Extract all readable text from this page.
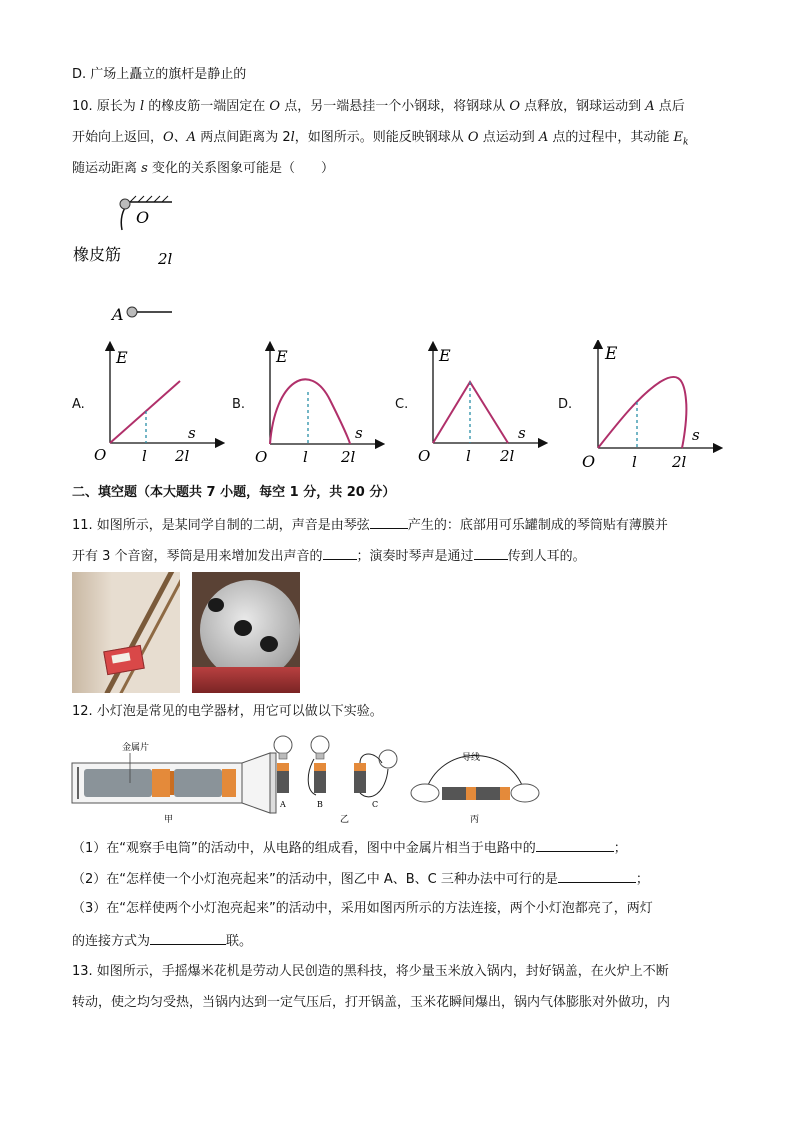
D. 广场上矗立的旗杆是静止的
10. 原长为 l 的橡皮筋一端固定在 O 点，另一端悬挂一个小钢球，将钢球从 O 点释放，钢球运动到 A 点后
开始向上返回，O、A 两点间距离为 2l，如图所示。则能反映钢球从 O 点运动到 A 点的过程中，其动能 $E_k$
随运动距离 s 变化的关系图象可能是（　　）
O
橡皮筋 2l
A
A.
E
s
O l 2l
B.
E
s
O l 2l
C.
E
s
O l 2l
D.
E
s
O l 2l
二、填空题（本大题共 7 小题，每空 1 分，共 20 分）
11. 如图所示，是某同学自制的二胡，声音是由琴弦	产生的：底部用可乐罐制成的琴筒贴有薄膜并
开有 3 个音窗，琴筒是用来增加发出声音的	；演奏时琴声是通过	传到人耳的。
12. 小灯泡是常见的电学器材，用它可以做以下实验。
金属片
甲
A	B	C
乙
导线
丙
（1）在“观察手电筒”的活动中，从电路的组成看，图中中金属片相当于电路中的	；
（2）在“怎样使一个小灯泡亮起来”的活动中，图乙中 A、B、C 三种办法中可行的是	；
（3）在“怎样使两个小灯泡亮起来”的活动中，采用如图丙所示的方法连接，两个小灯泡都亮了，两灯
的连接方式为	联。
13. 如图所示，手摇爆米花机是劳动人民创造的黑科技，将少量玉米放入锅内，封好锅盖，在火炉上不断
转动，使之均匀受热，当锅内达到一定气压后，打开锅盖，玉米花瞬间爆出，锅内气体膨胀对外做功，内
